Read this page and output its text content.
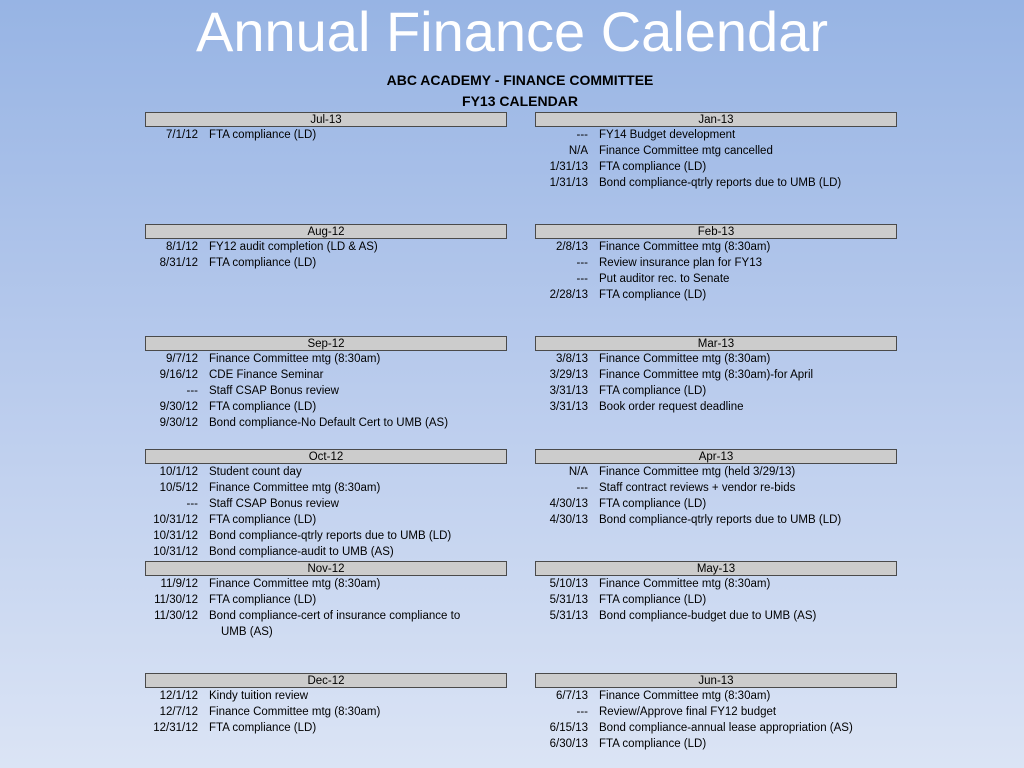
Annual Finance Calendar
ABC ACADEMY - FINANCE COMMITTEE
FY13 CALENDAR
Jul-13
7/1/12 FTA compliance (LD)
Aug-12
8/1/12 FY12 audit completion (LD & AS)
8/31/12 FTA compliance (LD)
Sep-12
9/7/12 Finance Committee mtg (8:30am)
9/16/12 CDE Finance Seminar
--- Staff CSAP Bonus review
9/30/12 FTA compliance (LD)
9/30/12 Bond compliance-No Default Cert to UMB (AS)
Oct-12
10/1/12 Student count day
10/5/12 Finance Committee mtg (8:30am)
--- Staff CSAP Bonus review
10/31/12 FTA compliance (LD)
10/31/12 Bond compliance-qtrly reports due to UMB (LD)
10/31/12 Bond compliance-audit to UMB (AS)
Nov-12
11/9/12 Finance Committee mtg (8:30am)
11/30/12 FTA compliance (LD)
11/30/12 Bond compliance-cert of insurance compliance to
UMB (AS)
Dec-12
12/1/12 Kindy tuition review
12/7/12 Finance Committee mtg (8:30am)
12/31/12 FTA compliance (LD)
Jan-13
--- FY14 Budget development
N/A Finance Committee mtg cancelled
1/31/13 FTA compliance (LD)
1/31/13 Bond compliance-qtrly reports due to UMB (LD)
Feb-13
2/8/13 Finance Committee mtg (8:30am)
--- Review insurance plan for FY13
--- Put auditor rec. to Senate
2/28/13 FTA compliance (LD)
Mar-13
3/8/13 Finance Committee mtg (8:30am)
3/29/13 Finance Committee mtg (8:30am)-for April
3/31/13 FTA compliance (LD)
3/31/13 Book order request deadline
Apr-13
N/A Finance Committee mtg (held 3/29/13)
--- Staff contract reviews + vendor re-bids
4/30/13 FTA compliance (LD)
4/30/13 Bond compliance-qtrly reports due to UMB (LD)
May-13
5/10/13 Finance Committee mtg (8:30am)
5/31/13 FTA compliance (LD)
5/31/13 Bond compliance-budget due to UMB (AS)
Jun-13
6/7/13 Finance Committee mtg (8:30am)
--- Review/Approve final FY12 budget
6/15/13 Bond compliance-annual lease appropriation (AS)
6/30/13 FTA compliance (LD)
